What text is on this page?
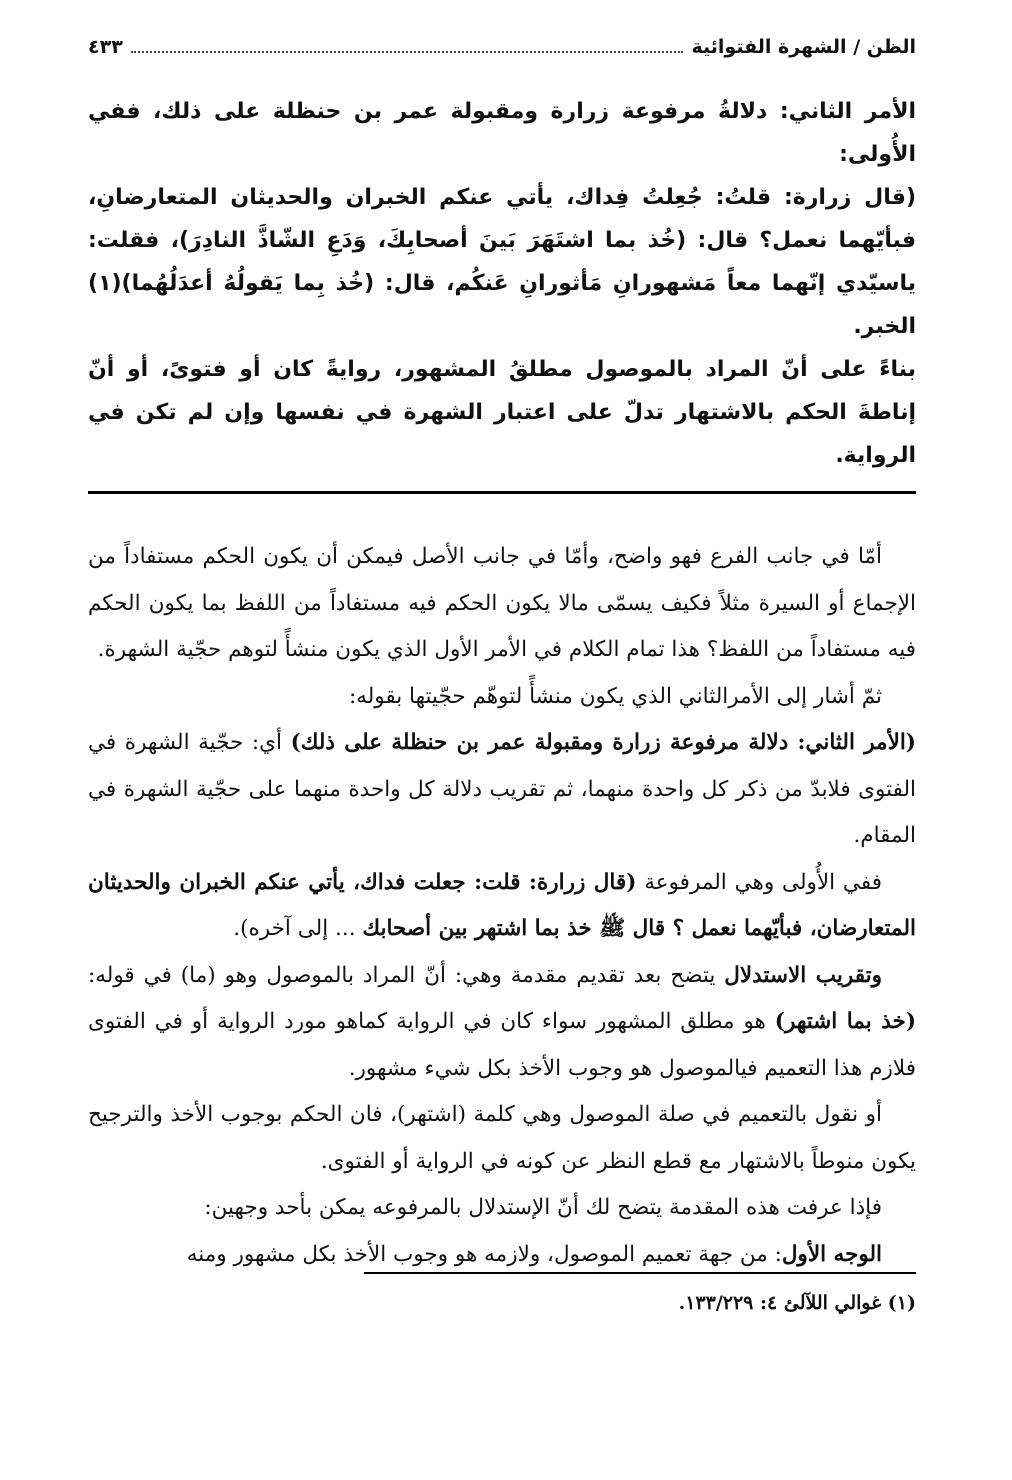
الظن / الشهرة الفتوائية
٤٣٣

الأمر الثاني: دلالةُ مرفوعة زرارة ومقبولة عمر بن حنظلة على ذلك، ففي الأُولى:

(قال زرارة: قلتُ: جُعِلتُ فِداك، يأتي عنكم الخبران والحديثان المتعارضانِ، فبأيّهما نعمل؟ قال: (خُذ بما اشتَهَرَ بَينَ أصحابِكَ، وَدَعِ الشّاذَّ النادِرَ)، فقلت: ياسيّدي إنّهما معاً مَشهورانِ مَأثورانِ عَنكُم، قال: (خُذ بِما يَقولُهُ أعدَلُهُما)(١) الخبر.

بناءً على أنّ المراد بالموصول مطلقُ المشهور، روايةً كان أو فتوىً، أو أنّ إناطةَ الحكم بالاشتهار تدلّ على اعتبار الشهرة في نفسها وإن لم تكن في الرواية.

أمّا في جانب الفرع فهو واضح، وأمّا في جانب الأصل فيمكن أن يكون الحكم مستفاداً من الإجماع أو السيرة مثلاً فكيف يسمّى مالا يكون الحكم فيه مستفاداً من اللفظ بما يكون الحكم فيه مستفاداً من اللفظ؟ هذا تمام الكلام في الأمر الأول الذي يكون منشأً لتوهم حجّية الشهرة.

ثمّ أشار إلى الأمرالثاني الذي يكون منشأً لتوهّم حجّيتها بقوله:

(الأمر الثاني: دلالة مرفوعة زرارة ومقبولة عمر بن حنظلة على ذلك) أي: حجّية الشهرة في الفتوى فلابدّ من ذكر كل واحدة منهما، ثم تقريب دلالة كل واحدة منهما على حجّية الشهرة في المقام.

ففي الأُولى وهي المرفوعة (قال زرارة: قلت: جعلت فداك، يأتي عنكم الخبران والحديثان المتعارضان، فبأيّهما نعمل ؟ قال ﷺ خذ بما اشتهر بين أصحابك ... إلى آخره).

وتقريب الاستدلال يتضح بعد تقديم مقدمة وهي: أنّ المراد بالموصول وهو (ما) في قوله: (خذ بما اشتهر) هو مطلق المشهور سواء كان في الرواية كماهو مورد الرواية أو في الفتوى فلازم هذا التعميم فيالموصول هو وجوب الأخذ بكل شيء مشهور.

أو نقول بالتعميم في صلة الموصول وهي كلمة (اشتهر)، فان الحكم بوجوب الأخذ والترجيح يكون منوطاً بالاشتهار مع قطع النظر عن كونه في الرواية أو الفتوى.

فإذا عرفت هذه المقدمة يتضح لك أنّ الإستدلال بالمرفوعه يمكن بأحد وجهين:

الوجه الأول: من جهة تعميم الموصول، ولازمه هو وجوب الأخذ بكل مشهور ومنه

(١) غوالي اللآلئ ٤: ١٣٣/٢٢٩.
